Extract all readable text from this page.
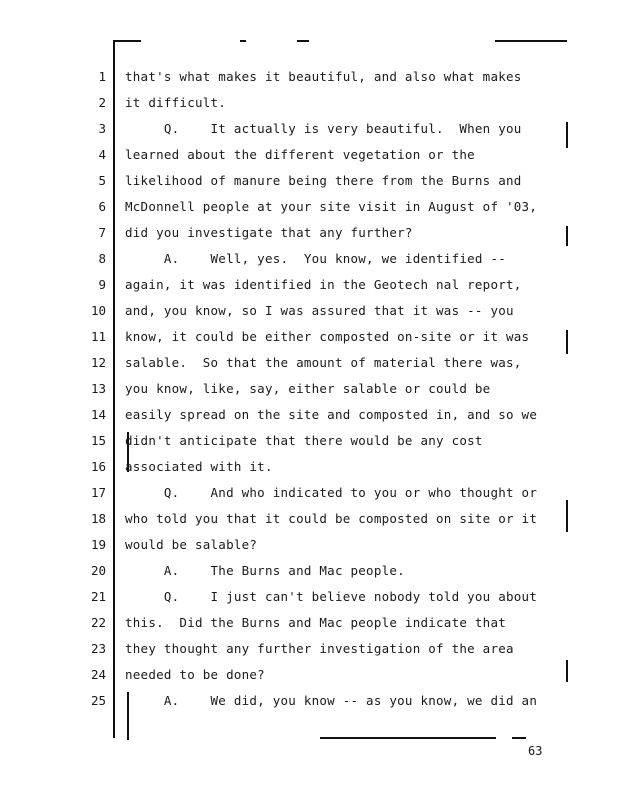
1 that's what makes it beautiful, and also what makes
2 it difficult.
3 Q.    It actually is very beautiful.  When you
4 learned about the different vegetation or the
5 likelihood of manure being there from the Burns and
6 McDonnell people at your site visit in August of '03,
7 did you investigate that any further?
8 A.    Well, yes.  You know, we identified --
9 again, it was identified in the Geotech nal report,
10 and, you know, so I was assured that it was -- you
11 know, it could be either composted on-site or it was
12 salable.  So that the amount of material there was,
13 you know, like, say, either salable or could be
14 easily spread on the site and composted in, and so we
15 didn't anticipate that there would be any cost
16 associated with it.
17 Q.    And who indicated to you or who thought or
18 who told you that it could be composted on site or it
19 would be salable?
20 A.    The Burns and Mac people.
21 Q.    I just can't believe nobody told you about
22 this.  Did the Burns and Mac people indicate that
23 they thought any further investigation of the area
24 needed to be done?
25 A.    We did, you know -- as you know, we did an
63
